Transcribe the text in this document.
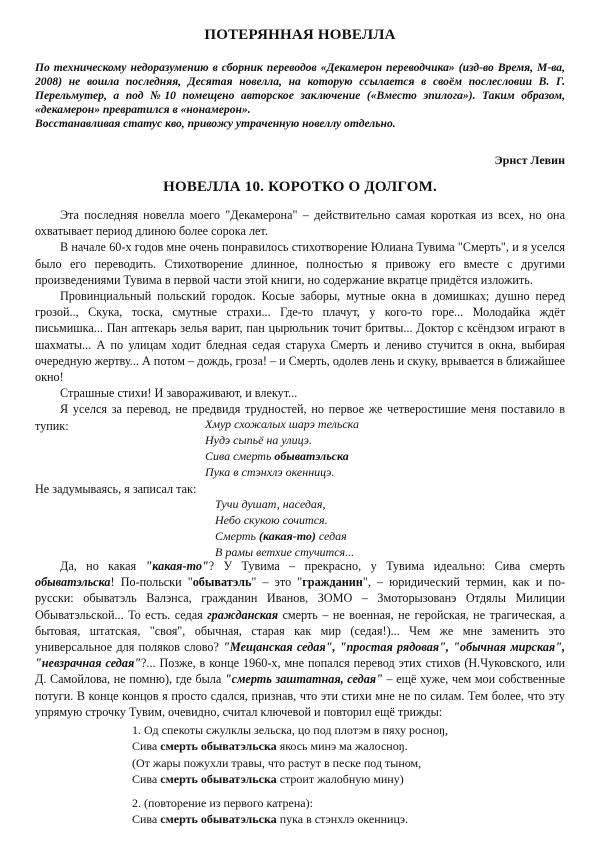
ПОТЕРЯННАЯ НОВЕЛЛА

По техническому недоразумению в сборник переводов «Декамерон переводчика» (изд-во Время, М-ва, 2008) не вошла последняя, Десятая новелла, на которую ссылается в своём послесловии В. Г. Перельмутер, а под №10 помещено авторское заключение («Вместо эпилога»). Таким образом, «декамерон» превратился в «нонамерон».

Восстанавливая статус кво, привожу утраченную новеллу отдельно.

Эрнст Левин
НОВЕЛЛА 10. КОРОТКО О ДОЛГОМ.

Эта последняя новелла моего "Декамерона" – действительно самая короткая из всех, но она охватывает период длиною более сорока лет.

В начале 60-х годов мне очень понравилось стихотворение Юлиана Тувима "Смерть", и я уселся было его переводить. Стихотворение длинное, полностью я привожу его вместе с другими произведениями Тувима в первой части этой книги, но содержание вкратце придётся изложить.

Провинциальный польский городок. Косые заборы, мутные окна в домишках; душно перед грозой.., Скука, тоска, смутные страхи... Где-то плачут, у кого-то горе... Молодайка ждёт письмишка... Пан аптекарь зелья варит, пан цырюльник точит бритвы... Доктор с ксёндзом играют в шахматы... А по улицам ходит бледная седая старуха Смерть и лениво стучится в окна, выбирая очередную жертву... А потом – дождь, гроза! – и Смерть, одолев лень и скуку, врывается в ближайшее окно!

Страшные стихи! И завораживают, и влекут...

Я уселся за перевод, не предвидя трудностей, но первое же четверостишие меня поставило в тупик:	Хмур схожалых шарэ тельска
Нудэ сыпьё на улицэ.
Сива смерть обыватэльска
Пука в стэнхлэ окенницэ.

Не задумываясь, я записал так:

Тучи душат, наседая,
Небо скукою сочится.
Смерть (какая-то) седая
В рамы ветхие стучится...

Да, но какая "какая-то"? У Тувима – прекрасно, у Тувима идеально: Сива смерть обыватэльска! По-польски "обыватэль" – это "гражданин", – юридический термин, как и по-русски: обыватэль Валэнса, гражданин Иванов, ЗОМО – Змоторызованэ Отдялы Милиции Обыватэльской... То есть. седая гражданская смерть – не военная, не геройская, не трагическая, а бытовая, штатская, "своя", обычная, старая как мир (седая!)... Чем же мне заменить это универсальное для поляков слово? "Мещанская седая", "простая рядовая", "обычная мирская", "невзрачная седая"?... Позже, в конце 1960-х, мне попался перевод этих стихов (Н.Чуковского, или Д. Самойлова, не помню), где была "смерть заштатная, седая" – ещё хуже, чем мои собственные потуги. В конце концов я просто сдался, признав, что эти стихи мне не по силам. Тем более, что эту упрямую строчку Тувим, очевидно, считал ключевой и повторил ещё трижды:

1. Од спекоты сжулклы зельска, цо под плотэм в пяху роснoŋ,
Сива смерть обыватэльска якось минэ ма жалоснoŋ.
(От жары пожухли травы, что растут в песке под тыном,
Сива смерть обыватэльска строит жалобную мину)
2. (повторение из первого катрена):
Сива смерть обыватэльска пука в стэнхлэ окенницэ.
